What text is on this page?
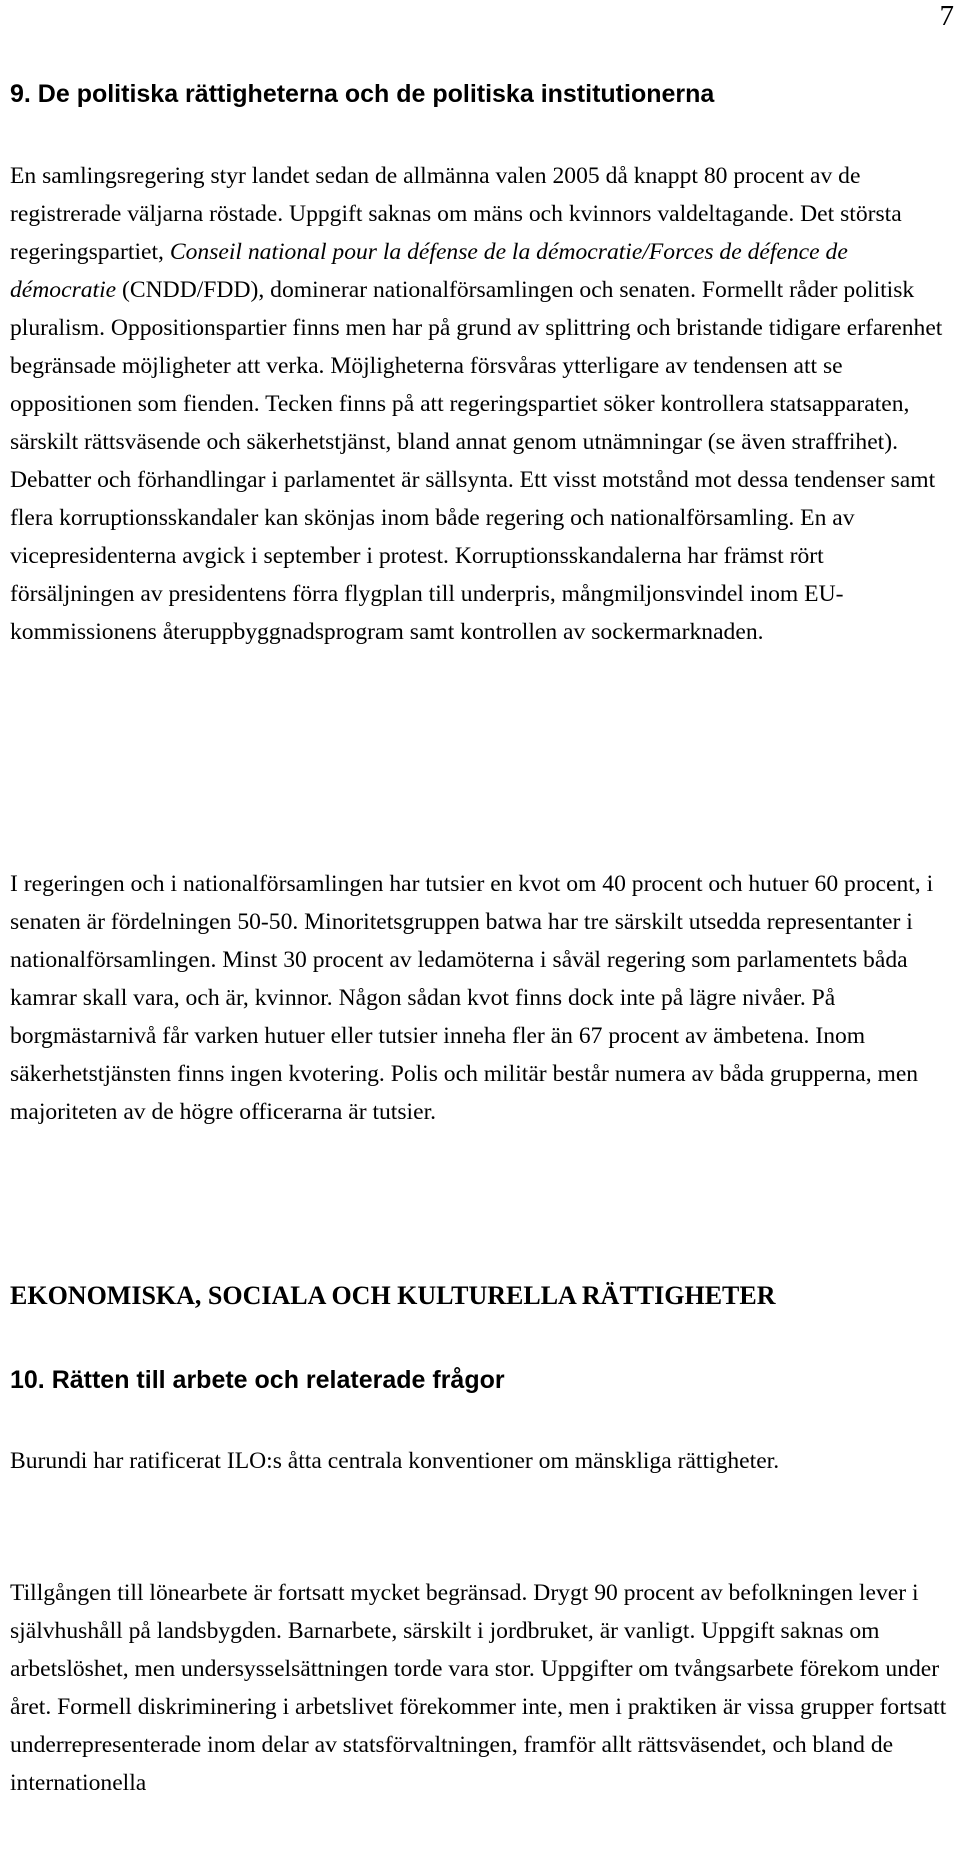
7
9. De politiska rättigheterna och de politiska institutionerna

En samlingsregering styr landet sedan de allmänna valen 2005 då knappt 80 procent av de registrerade väljarna röstade. Uppgift saknas om mäns och kvinnors valdeltagande. Det största regeringspartiet, Conseil national pour la défense de la démocratie/Forces de défence de démocratie (CNDD/FDD), dominerar nationalförsamlingen och senaten. Formellt råder politisk pluralism. Oppositionspartier finns men har på grund av splittring och bristande tidigare erfarenhet begränsade möjligheter att verka. Möjligheterna försvåras ytterligare av tendensen att se oppositionen som fienden. Tecken finns på att regeringspartiet söker kontrollera statsapparaten, särskilt rättsväsende och säkerhetstjänst, bland annat genom utnämningar (se även straffrihet). Debatter och förhandlingar i parlamentet är sällsynta. Ett visst motstånd mot dessa tendenser samt flera korruptionsskandaler kan skönjas inom både regering och nationalförsamling. En av vicepresidenterna avgick i september i protest. Korruptionsskandalerna har främst rört försäljningen av presidentens förra flygplan till underpris, mångmiljonsvindel inom EU-kommissionens återuppbyggnadsprogram samt kontrollen av sockermarknaden.

I regeringen och i nationalförsamlingen har tutsier en kvot om 40 procent och hutuer 60 procent, i senaten är fördelningen 50-50. Minoritetsgruppen batwa har tre särskilt utsedda representanter i nationalförsamlingen. Minst 30 procent av ledamöterna i såväl regering som parlamentets båda kamrar skall vara, och är, kvinnor. Någon sådan kvot finns dock inte på lägre nivåer. På borgmästarnivå får varken hutuer eller tutsier inneha fler än 67 procent av ämbetena. Inom säkerhetstjänsten finns ingen kvotering. Polis och militär består numera av båda grupperna, men majoriteten av de högre officerarna är tutsier.

EKONOMISKA, SOCIALA OCH KULTURELLA RÄTTIGHETER
10. Rätten till arbete och relaterade frågor

Burundi har ratificerat ILO:s åtta centrala konventioner om mänskliga rättigheter.

Tillgången till lönearbete är fortsatt mycket begränsad. Drygt 90 procent av befolkningen lever i självhushåll på landsbygden. Barnarbete, särskilt i jordbruket, är vanligt. Uppgift saknas om arbetslöshet, men undersysselsättningen torde vara stor. Uppgifter om tvångsarbete förekom under året. Formell diskriminering i arbetslivet förekommer inte, men i praktiken är vissa grupper fortsatt underrepresenterade inom delar av statsförvaltningen, framför allt rättsväsendet, och bland de internationella
